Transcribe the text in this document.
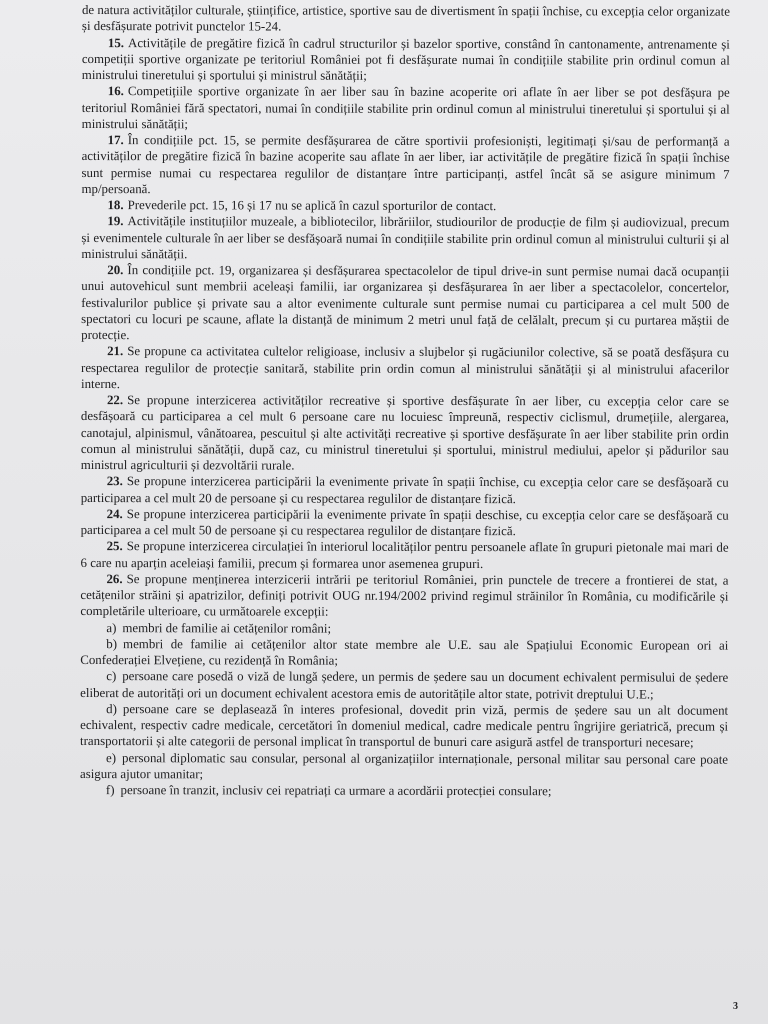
de natura activităților culturale, științifice, artistice, sportive sau de divertisment în spații închise, cu excepția celor organizate și desfășurate potrivit punctelor 15-24.

15. Activitățile de pregătire fizică în cadrul structurilor și bazelor sportive, constând în cantonamente, antrenamente și competiții sportive organizate pe teritoriul României pot fi desfășurate numai în condițiile stabilite prin ordinul comun al ministrului tineretului și sportului și ministrul sănătății;

16. Competițiile sportive organizate în aer liber sau în bazine acoperite ori aflate în aer liber se pot desfășura pe teritoriul României fără spectatori, numai în condițiile stabilite prin ordinul comun al ministrului tineretului și sportului și al ministrului sănătății;

17. În condițiile pct. 15, se permite desfășurarea de către sportivii profesioniști, legitimați și/sau de performanță a activităților de pregătire fizică în bazine acoperite sau aflate în aer liber, iar activitățile de pregătire fizică în spații închise sunt permise numai cu respectarea regulilor de distanțare între participanți, astfel încât să se asigure minimum 7 mp/persoană.

18. Prevederile pct. 15, 16 și 17 nu se aplică în cazul sporturilor de contact.

19. Activitățile instituțiilor muzeale, a bibliotecilor, librăriilor, studiourilor de producție de film și audiovizual, precum și evenimentele culturale în aer liber se desfășoară numai în condițiile stabilite prin ordinul comun al ministrului culturii și al ministrului sănătății.

20. În condițiile pct. 19, organizarea și desfășurarea spectacolelor de tipul drive-in sunt permise numai dacă ocupanții unui autovehicul sunt membrii aceleași familii, iar organizarea și desfășurarea în aer liber a spectacolelor, concertelor, festivalurilor publice și private sau a altor evenimente culturale sunt permise numai cu participarea a cel mult 500 de spectatori cu locuri pe scaune, aflate la distanță de minimum 2 metri unul față de celălalt, precum și cu purtarea măștii de protecție.

21. Se propune ca activitatea cultelor religioase, inclusiv a slujbelor și rugăciunilor colective, să se poată desfășura cu respectarea regulilor de protecție sanitară, stabilite prin ordin comun al ministrului sănătății și al ministrului afacerilor interne.

22. Se propune interzicerea activităților recreative și sportive desfășurate în aer liber, cu excepția celor care se desfășoară cu participarea a cel mult 6 persoane care nu locuiesc împreună, respectiv ciclismul, drumețiile, alergarea, canotajul, alpinismul, vânătoarea, pescuitul și alte activități recreative și sportive desfășurate în aer liber stabilite prin ordin comun al ministrului sănătății, după caz, cu ministrul tineretului și sportului, ministrul mediului, apelor și pădurilor sau ministrul agriculturii și dezvoltării rurale.

23. Se propune interzicerea participării la evenimente private în spații închise, cu excepția celor care se desfășoară cu participarea a cel mult 20 de persoane și cu respectarea regulilor de distanțare fizică.

24. Se propune interzicerea participării la evenimente private în spații deschise, cu excepția celor care se desfășoară cu participarea a cel mult 50 de persoane și cu respectarea regulilor de distanțare fizică.

25. Se propune interzicerea circulației în interiorul localităților pentru persoanele aflate în grupuri pietonale mai mari de 6 care nu aparțin aceleiași familii, precum și formarea unor asemenea grupuri.

26. Se propune menținerea interzicerii intrării pe teritoriul României, prin punctele de trecere a frontierei de stat, a cetățenilor străini și apatrizilor, definiți potrivit OUG nr.194/2002 privind regimul străinilor în România, cu modificările și completările ulterioare, cu următoarele excepții:

a) membri de familie ai cetățenilor români;

b) membri de familie ai cetățenilor altor state membre ale U.E. sau ale Spațiului Economic European ori ai Confederației Elvețiene, cu rezidență în România;

c) persoane care posedă o viză de lungă ședere, un permis de ședere sau un document echivalent permisului de ședere eliberat de autorități ori un document echivalent acestora emis de autoritățile altor state, potrivit dreptului U.E.;

d) persoane care se deplasează în interes profesional, dovedit prin viză, permis de ședere sau un alt document echivalent, respectiv cadre medicale, cercetători în domeniul medical, cadre medicale pentru îngrijire geriatrică, precum și transportatorii și alte categorii de personal implicat în transportul de bunuri care asigură astfel de transporturi necesare;

e) personal diplomatic sau consular, personal al organizațiilor internaționale, personal militar sau personal care poate asigura ajutor umanitar;

f) persoane în tranzit, inclusiv cei repatriați ca urmare a acordării protecției consulare;

3
